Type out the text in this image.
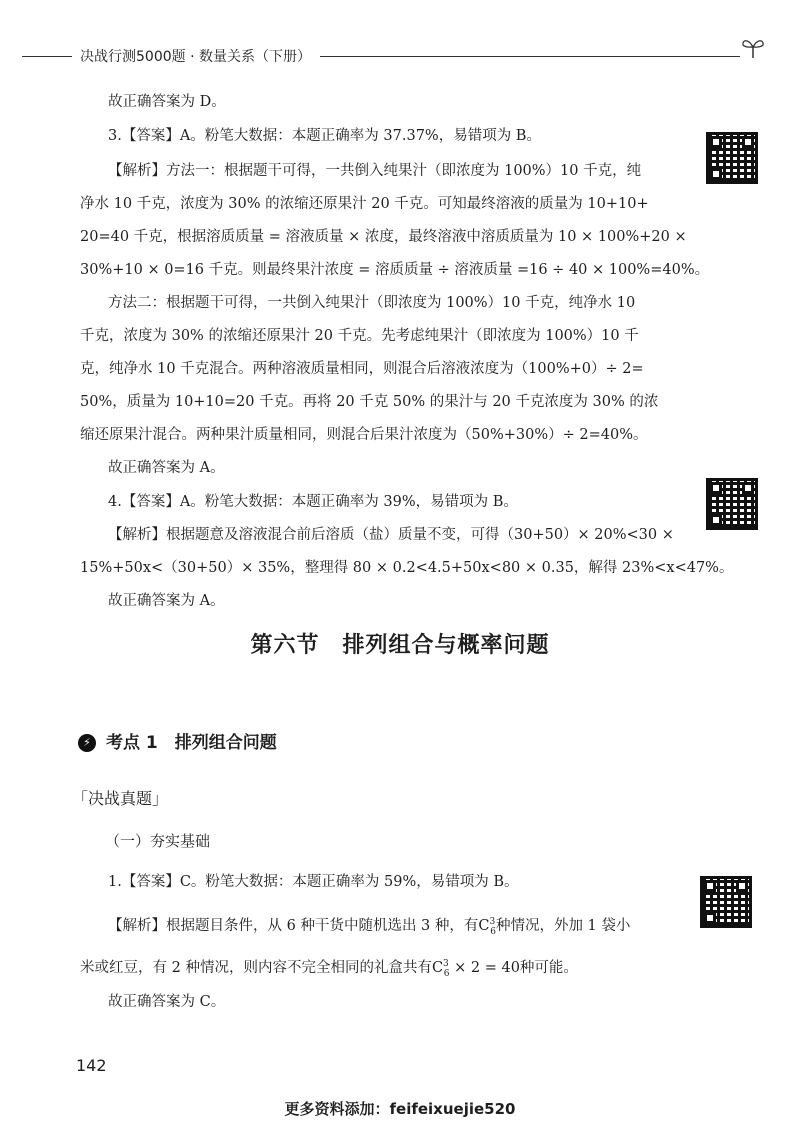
决战行测5000题 · 数量关系（下册）
故正确答案为 D。
3.【答案】A。粉笔大数据：本题正确率为 37.37%，易错项为 B。
【解析】方法一：根据题干可得，一共倒入纯果汁（即浓度为 100%）10 千克，纯
净水 10 千克，浓度为 30% 的浓缩还原果汁 20 千克。可知最终溶液的质量为 10+10+
20=40 千克，根据溶质质量 = 溶液质量 × 浓度，最终溶液中溶质质量为 10 × 100%+20 ×
30%+10 × 0=16 千克。则最终果汁浓度 = 溶质质量 ÷ 溶液质量 =16 ÷ 40 × 100%=40%。
方法二：根据题干可得，一共倒入纯果汁（即浓度为 100%）10 千克，纯净水 10
千克，浓度为 30% 的浓缩还原果汁 20 千克。先考虑纯果汁（即浓度为 100%）10 千
克，纯净水 10 千克混合。两种溶液质量相同，则混合后溶液浓度为（100%+0）÷ 2=
50%，质量为 10+10=20 千克。再将 20 千克 50% 的果汁与 20 千克浓度为 30% 的浓
缩还原果汁混合。两种果汁质量相同，则混合后果汁浓度为（50%+30%）÷ 2=40%。
故正确答案为 A。
4.【答案】A。粉笔大数据：本题正确率为 39%，易错项为 B。
【解析】根据题意及溶液混合前后溶质（盐）质量不变，可得（30+50）× 20%<30 ×
15%+50x<（30+50）× 35%，整理得 80 × 0.2<4.5+50x<80 × 0.35，解得 23%<x<47%。
故正确答案为 A。
第六节　排列组合与概率问题
⚡ 考点 1　排列组合问题
「决战真题」
（一）夯实基础
1.【答案】C。粉笔大数据：本题正确率为 59%，易错项为 B。
【解析】根据题目条件，从 6 种干货中随机选出 3 种，有$C^3_6$种情况，外加 1 袋小
米或红豆，有 2 种情况，则内容不完全相同的礼盒共有$C^3_6 \times 2 = 40$种可能。
故正确答案为 C。
142
更多资料添加：feifeixuejie520
